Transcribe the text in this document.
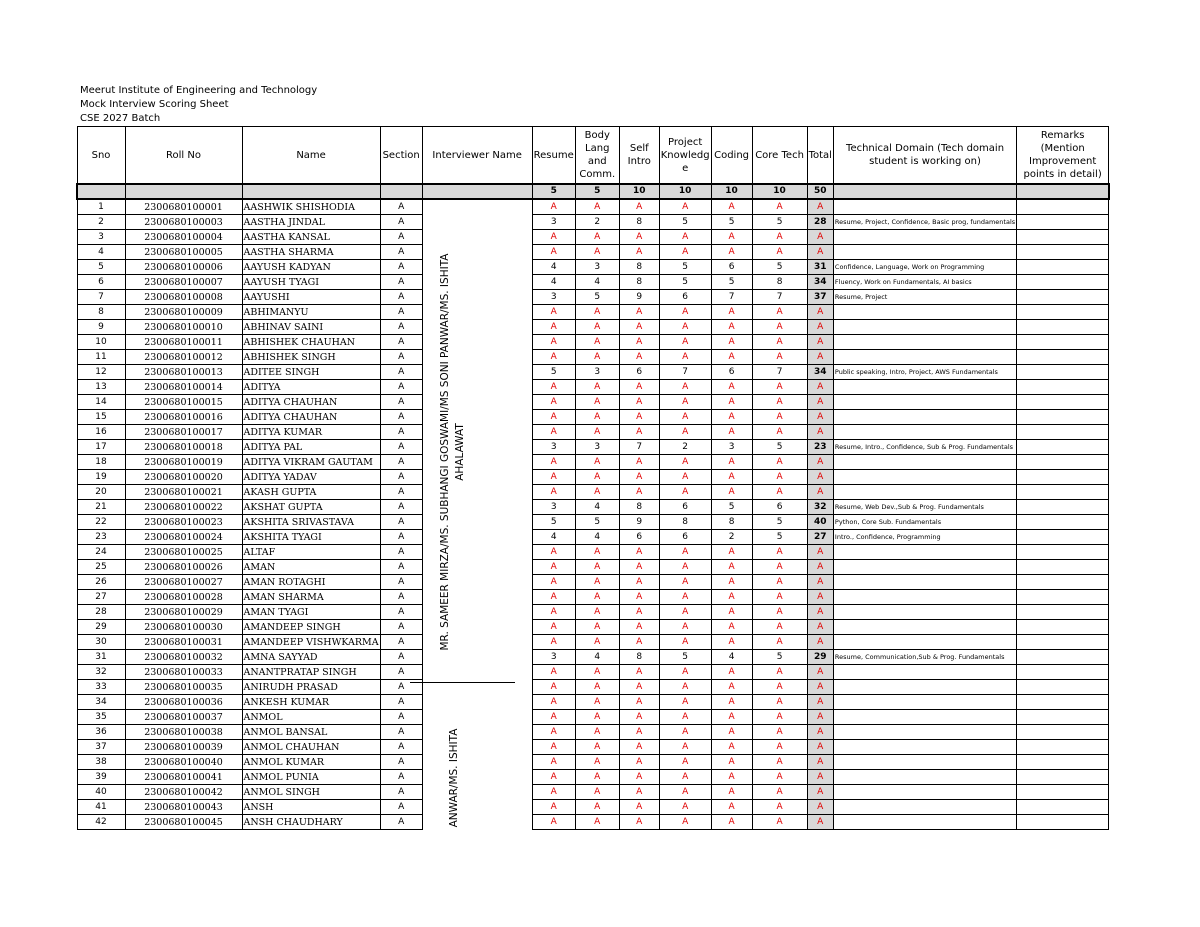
Meerut Institute of Engineering and Technology
Mock Interview Scoring Sheet
CSE 2027 Batch
Sno	Roll No	Name	Section	Interviewer Name	Resume	Body Lang and Comm.	Self Intro	Project Knowledg e	Coding	Core Tech	Total	Technical Domain (Tech domain student is working on)	Remarks (Mention Improvement points in detail)
					5	5	10	10	10	10	50		
1	2300680100001	AASHWIK SHISHODIA	A		A	A	A	A	A	A	A		
2	2300680100003	AASTHA JINDAL	A		3	2	8	5	5	5	28	Resume, Project, Confidence, Basic prog, fundamentals	
3	2300680100004	AASTHA KANSAL	A		A	A	A	A	A	A	A		
4	2300680100005	AASTHA SHARMA	A		A	A	A	A	A	A	A		
5	2300680100006	AAYUSH KADYAN	A		4	3	8	5	6	5	31	Confidence, Language, Work on Programming	
6	2300680100007	AAYUSH TYAGI	A		4	4	8	5	5	8	34	Fluency, Work on Fundamentals, AI basics	
7	2300680100008	AAYUSHI	A		3	5	9	6	7	7	37	Resume, Project	
8	2300680100009	ABHIMANYU	A		A	A	A	A	A	A	A		
9	2300680100010	ABHINAV SAINI	A		A	A	A	A	A	A	A		
10	2300680100011	ABHISHEK CHAUHAN	A		A	A	A	A	A	A	A		
11	2300680100012	ABHISHEK SINGH	A		A	A	A	A	A	A	A		
12	2300680100013	ADITEE SINGH	A		5	3	6	7	6	7	34	Public speaking, Intro, Project, AWS Fundamentals	
13	2300680100014	ADITYA	A		A	A	A	A	A	A	A		
14	2300680100015	ADITYA CHAUHAN	A		A	A	A	A	A	A	A		
15	2300680100016	ADITYA CHAUHAN	A		A	A	A	A	A	A	A		
16	2300680100017	ADITYA KUMAR	A		A	A	A	A	A	A	A		
17	2300680100018	ADITYA PAL	A		3	3	7	2	3	5	23	Resume, Intro., Confidence, Sub & Prog. Fundamentals	
18	2300680100019	ADITYA VIKRAM GAUTAM	A		A	A	A	A	A	A	A		
19	2300680100020	ADITYA YADAV	A		A	A	A	A	A	A	A		
20	2300680100021	AKASH GUPTA	A		A	A	A	A	A	A	A		
21	2300680100022	AKSHAT GUPTA	A		3	4	8	6	5	6	32	Resume, Web Dev.,Sub & Prog. Fundamentals	
22	2300680100023	AKSHITA SRIVASTAVA	A		5	5	9	8	8	5	40	Python, Core Sub. Fundamentals	
23	2300680100024	AKSHITA TYAGI	A		4	4	6	6	2	5	27	Intro., Confidence, Programming	
24	2300680100025	ALTAF	A		A	A	A	A	A	A	A		
25	2300680100026	AMAN	A		A	A	A	A	A	A	A		
26	2300680100027	AMAN ROTAGHI	A		A	A	A	A	A	A	A		
27	2300680100028	AMAN SHARMA	A		A	A	A	A	A	A	A		
28	2300680100029	AMAN TYAGI	A		A	A	A	A	A	A	A		
29	2300680100030	AMANDEEP SINGH	A		A	A	A	A	A	A	A		
30	2300680100031	AMANDEEP VISHWKARMA	A		A	A	A	A	A	A	A		
31	2300680100032	AMNA SAYYAD	A		3	4	8	5	4	5	29	Resume, Communication,Sub & Prog. Fundamentals	
32	2300680100033	ANANTPRATAP SINGH	A		A	A	A	A	A	A	A		
33	2300680100035	ANIRUDH PRASAD	A		A	A	A	A	A	A	A		
34	2300680100036	ANKESH KUMAR	A		A	A	A	A	A	A	A		
35	2300680100037	ANMOL	A		A	A	A	A	A	A	A		
36	2300680100038	ANMOL BANSAL	A		A	A	A	A	A	A	A		
37	2300680100039	ANMOL CHAUHAN	A		A	A	A	A	A	A	A		
38	2300680100040	ANMOL KUMAR	A		A	A	A	A	A	A	A		
39	2300680100041	ANMOL PUNIA	A		A	A	A	A	A	A	A		
40	2300680100042	ANMOL SINGH	A		A	A	A	A	A	A	A		
41	2300680100043	ANSH	A		A	A	A	A	A	A	A		
42	2300680100045	ANSH CHAUDHARY	A		A	A	A	A	A	A	A		
MR. SAMEER MIRZA/MS. SUBHANGI GOSWAMI/MS SONI PANWAR/MS. ISHITA AHALAWAT
ANWAR/MS. ISHITA
